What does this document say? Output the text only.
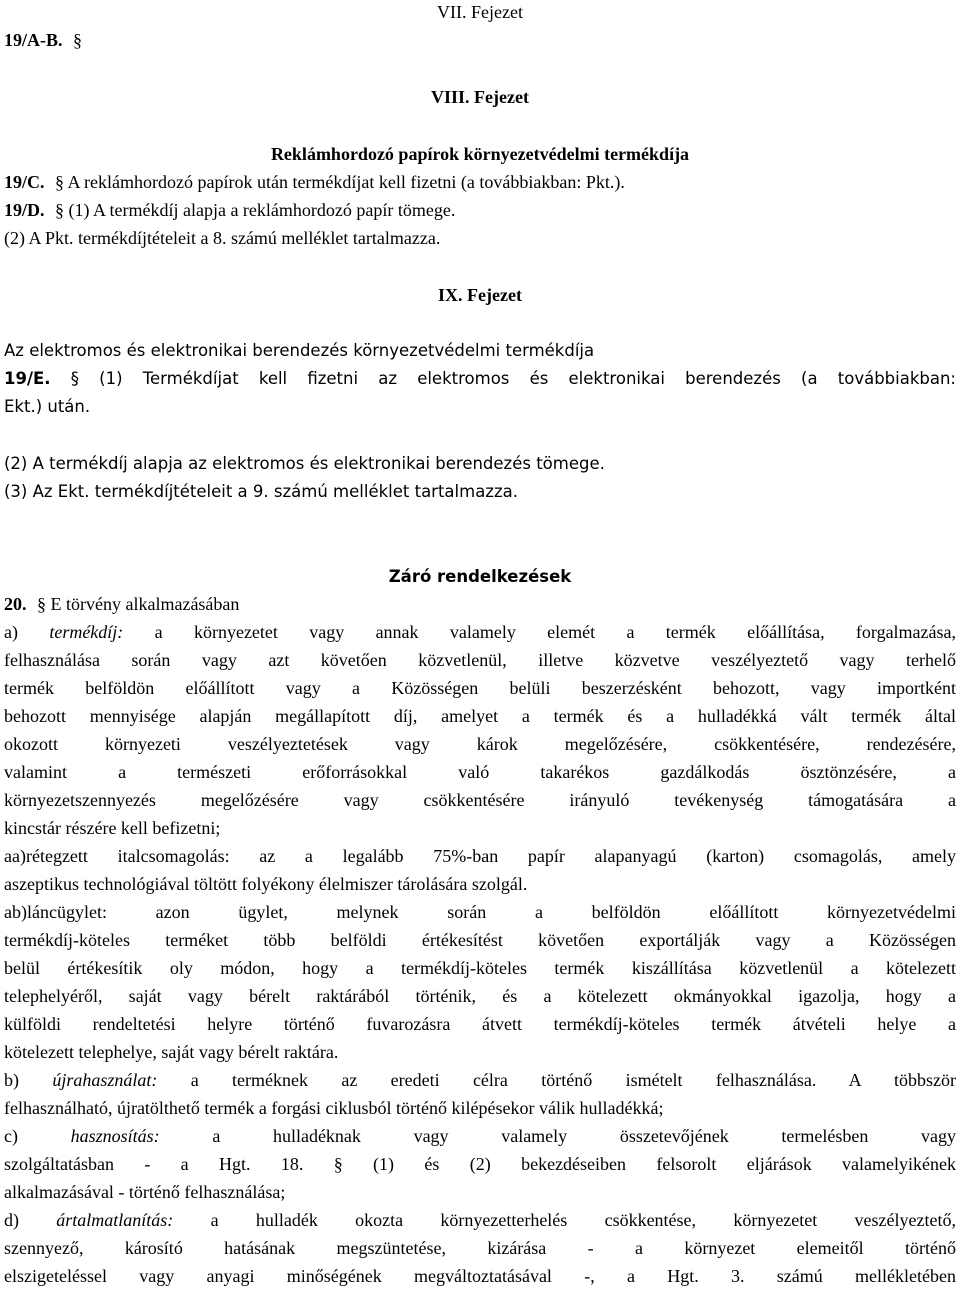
19/A-B. §
VII. Fejezet
VIII. Fejezet
Reklámhordozó papírok környezetvédelmi termékdíja
19/C. § A reklámhordozó papírok után termékdíjat kell fizetni (a továbbiakban: Pkt.).
19/D. § (1) A termékdíj alapja a reklámhordozó papír tömege.
(2) A Pkt. termékdíjtételeit a 8. számú melléklet tartalmazza.
IX. Fejezet
Az elektromos és elektronikai berendezés környezetvédelmi termékdíja
19/E. § (1) Termékdíjat kell fizetni az elektromos és elektronikai berendezés (a továbbiakban:
Ekt.) után.
(2) A termékdíj alapja az elektromos és elektronikai berendezés tömege.
(3) Az Ekt. termékdíjtételeit a 9. számú melléklet tartalmazza.
Záró rendelkezések
20. § E törvény alkalmazásában
a) termékdíj: a környezetet vagy annak valamely elemét a termék előállítása, forgalmazása,
felhasználása során vagy azt követően közvetlenül, illetve közvetve veszélyeztető vagy terhelő
termék belföldön előállított vagy a Közösségen belüli beszerzésként behozott, vagy importként
behozott mennyisége alapján megállapított díj, amelyet a termék és a hulladékká vált termék által
okozott környezeti veszélyeztetések vagy károk megelőzésére, csökkentésére, rendezésére,
valamint a természeti erőforrásokkal való takarékos gazdálkodás ösztönzésére, a
környezetszennyezés megelőzésére vagy csökkentésére irányuló tevékenység támogatására a
kincstár részére kell befizetni;
aa)rétegzett italcsomagolás: az a legalább 75%-ban papír alapanyagú (karton) csomagolás, amely
aszeptikus technológiával töltött folyékony élelmiszer tárolására szolgál.
ab)láncügylet: azon ügylet, melynek során a belföldön előállított környezetvédelmi
termékdíj-köteles terméket több belföldi értékesítést követően exportálják vagy a Közösségen
belül értékesítik oly módon, hogy a termékdíj-köteles termék kiszállítása közvetlenül a kötelezett
telephelyéről, saját vagy bérelt raktárából történik, és a kötelezett okmányokkal igazolja, hogy a
külföldi rendeltetési helyre történő fuvarozásra átvett termékdíj-köteles termék átvételi helye a
kötelezett telephelye, saját vagy bérelt raktára.
b) újrahasználat: a terméknek az eredeti célra történő ismételt felhasználása. A többször
felhasználható, újratölthető termék a forgási ciklusból történő kilépésekor válik hulladékká;
c)	hasznosítás:	a hulladéknak vagy valamely összetevőjének termelésben vagy
szolgáltatásban - a Hgt. 18. § (1) és (2) bekezdéseiben felsorolt eljárások valamelyikének
alkalmazásával - történő felhasználása;
d) ártalmatlanítás: a hulladék okozta környezetterhelés csökkentése, környezetet veszélyeztető,
szennyező, károsító hatásának megszüntetése, kizárása - a környezet elemeitől történő
elszigeteléssel vagy anyagi minőségének megváltoztatásával -, a Hgt. 3. számú mellékletében
